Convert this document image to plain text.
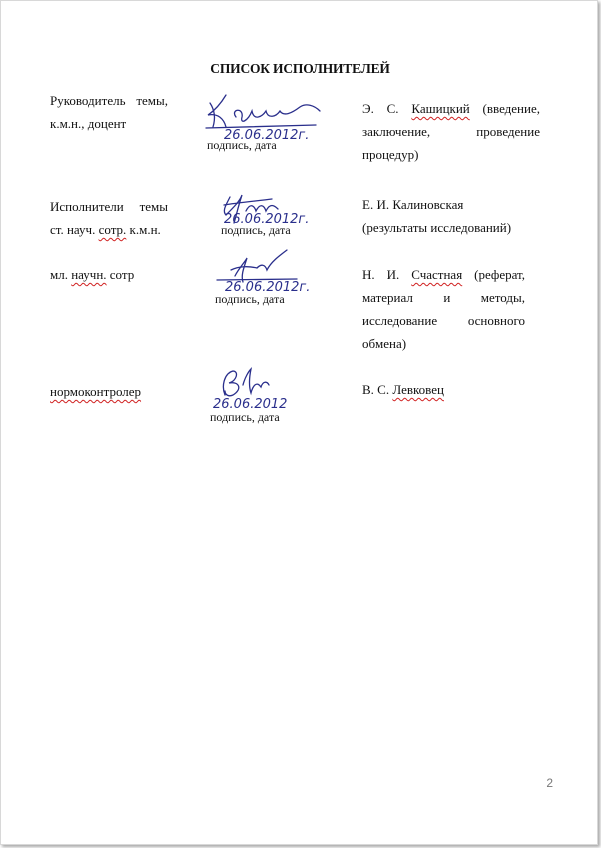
СПИСОК ИСПОЛНИТЕЛЕЙ
Руководитель темы,
к.м.н., доцент
26.06.2012г.
подпись, дата
Э. С. Кашицкий (введение,
заключение, проведение
процедур)
Исполнители темы
ст. науч. сотр. к.м.н.
26.06.2012г.
подпись, дата
Е. И. Калиновская
(результаты исследований)
мл. научн. сотр
26.06.2012г.
подпись, дата
Н. И. Счастная (реферат,
материал и методы,
исследование основного
обмена)
нормоконтролер
26.06.2012
подпись, дата
В. С. Левковец
2
